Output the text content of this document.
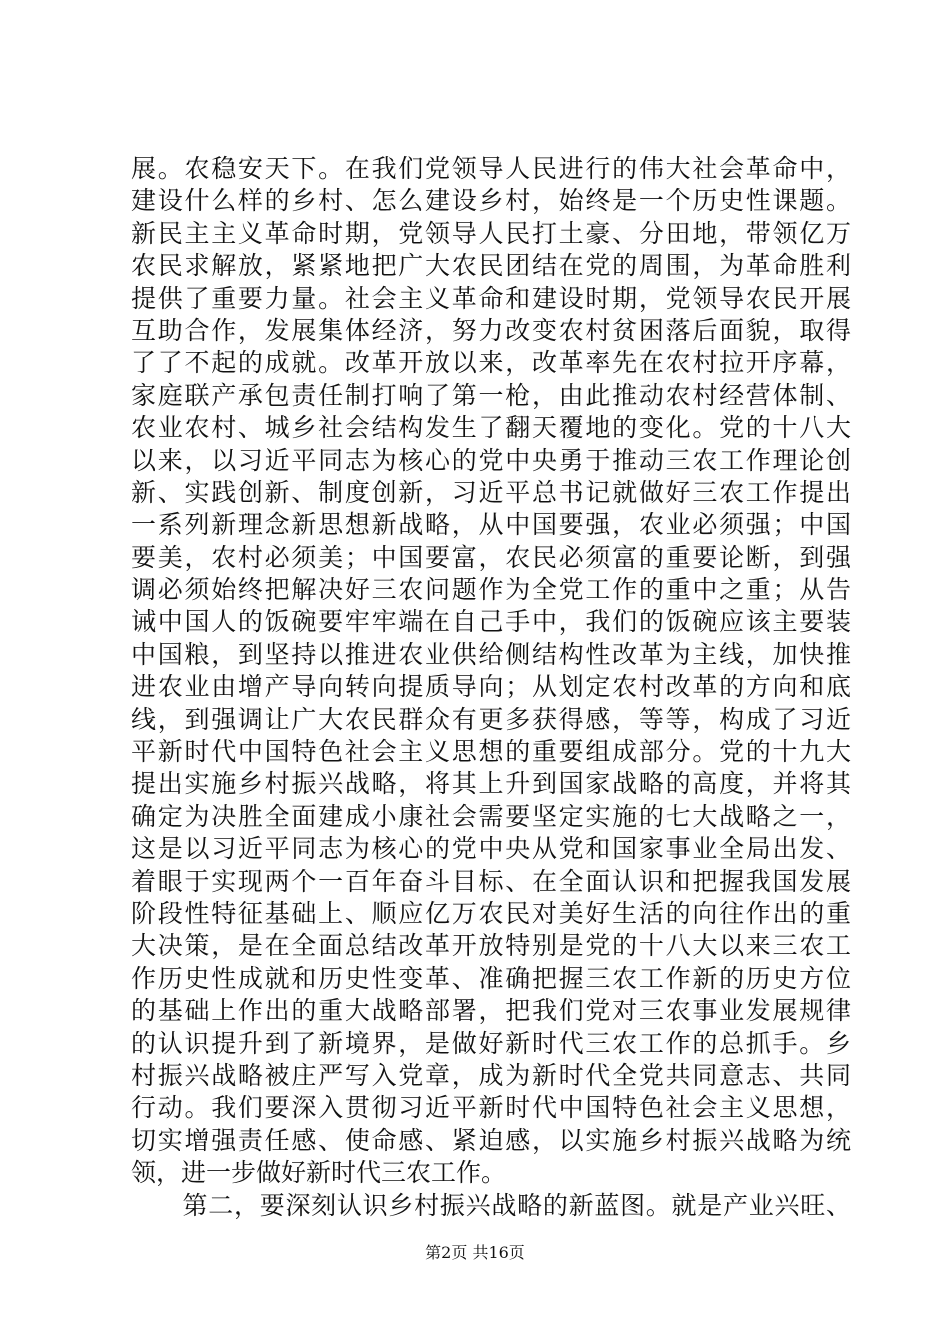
展。农稳安天下。在我们党领导人民进行的伟大社会革命中，
建设什么样的乡村、怎么建设乡村，始终是一个历史性课题。
新民主主义革命时期，党领导人民打土豪、分田地，带领亿万
农民求解放，紧紧地把广大农民团结在党的周围，为革命胜利
提供了重要力量。社会主义革命和建设时期，党领导农民开展
互助合作，发展集体经济，努力改变农村贫困落后面貌，取得
了了不起的成就。改革开放以来，改革率先在农村拉开序幕，
家庭联产承包责任制打响了第一枪，由此推动农村经营体制、
农业农村、城乡社会结构发生了翻天覆地的变化。党的十八大
以来，以习近平同志为核心的党中央勇于推动三农工作理论创
新、实践创新、制度创新，习近平总书记就做好三农工作提出
一系列新理念新思想新战略，从中国要强，农业必须强；中国
要美，农村必须美；中国要富，农民必须富的重要论断，到强
调必须始终把解决好三农问题作为全党工作的重中之重；从告
诫中国人的饭碗要牢牢端在自己手中，我们的饭碗应该主要装
中国粮，到坚持以推进农业供给侧结构性改革为主线，加快推
进农业由增产导向转向提质导向；从划定农村改革的方向和底
线，到强调让广大农民群众有更多获得感，等等，构成了习近
平新时代中国特色社会主义思想的重要组成部分。党的十九大
提出实施乡村振兴战略，将其上升到国家战略的高度，并将其
确定为决胜全面建成小康社会需要坚定实施的七大战略之一，
这是以习近平同志为核心的党中央从党和国家事业全局出发、
着眼于实现两个一百年奋斗目标、在全面认识和把握我国发展
阶段性特征基础上、顺应亿万农民对美好生活的向往作出的重
大决策，是在全面总结改革开放特别是党的十八大以来三农工
作历史性成就和历史性变革、准确把握三农工作新的历史方位
的基础上作出的重大战略部署，把我们党对三农事业发展规律
的认识提升到了新境界，是做好新时代三农工作的总抓手。乡
村振兴战略被庄严写入党章，成为新时代全党共同意志、共同
行动。我们要深入贯彻习近平新时代中国特色社会主义思想，
切实增强责任感、使命感、紧迫感，以实施乡村振兴战略为统
领，进一步做好新时代三农工作。
　　第二，要深刻认识乡村振兴战略的新蓝图。就是产业兴旺、
第2页 共16页
